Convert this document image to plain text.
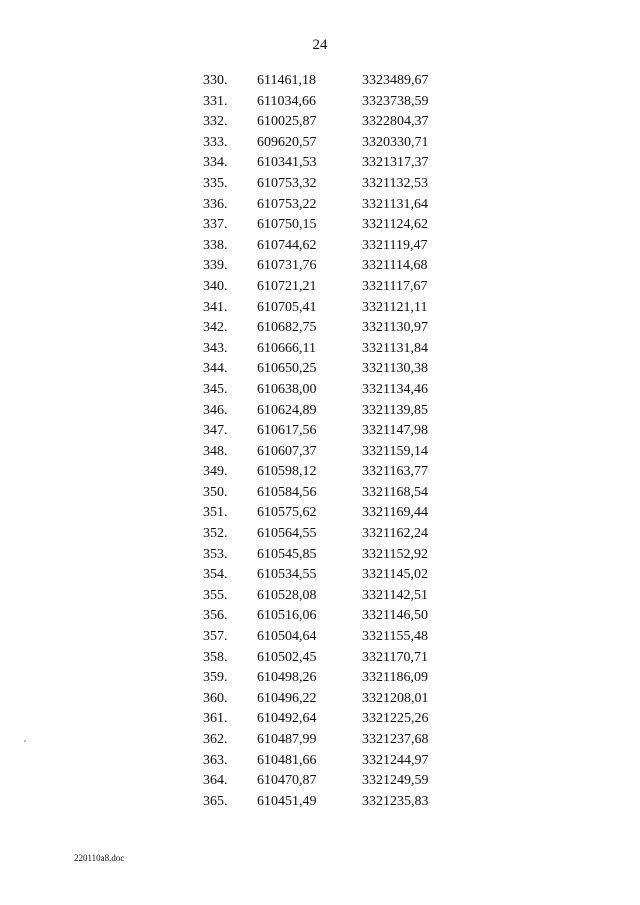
24
330. 611461,18	3323489,67
331. 611034,66	3323738,59
332. 610025,87	3322804,37
333. 609620,57	3320330,71
334. 610341,53	3321317,37
335. 610753,32	3321132,53
336. 610753,22	3321131,64
337. 610750,15	3321124,62
338. 610744,62	3321119,47
339. 610731,76	3321114,68
340. 610721,21	3321117,67
341. 610705,41	3321121,11
342. 610682,75	3321130,97
343. 610666,11	3321131,84
344. 610650,25	3321130,38
345. 610638,00	3321134,46
346. 610624,89	3321139,85
347. 610617,56	3321147,98
348. 610607,37	3321159,14
349. 610598,12	3321163,77
350. 610584,56	3321168,54
351. 610575,62	3321169,44
352. 610564,55	3321162,24
353. 610545,85	3321152,92
354. 610534,55	3321145,02
355. 610528,08	3321142,51
356. 610516,06	3321146,50
357. 610504,64	3321155,48
358. 610502,45	3321170,71
359. 610498,26	3321186,09
360. 610496,22	3321208,01
361. 610492,64	3321225,26
362. 610487,99	3321237,68
363. 610481,66	3321244,97
364. 610470,87	3321249,59
365. 610451,49	3321235,83
220110a8.doc
